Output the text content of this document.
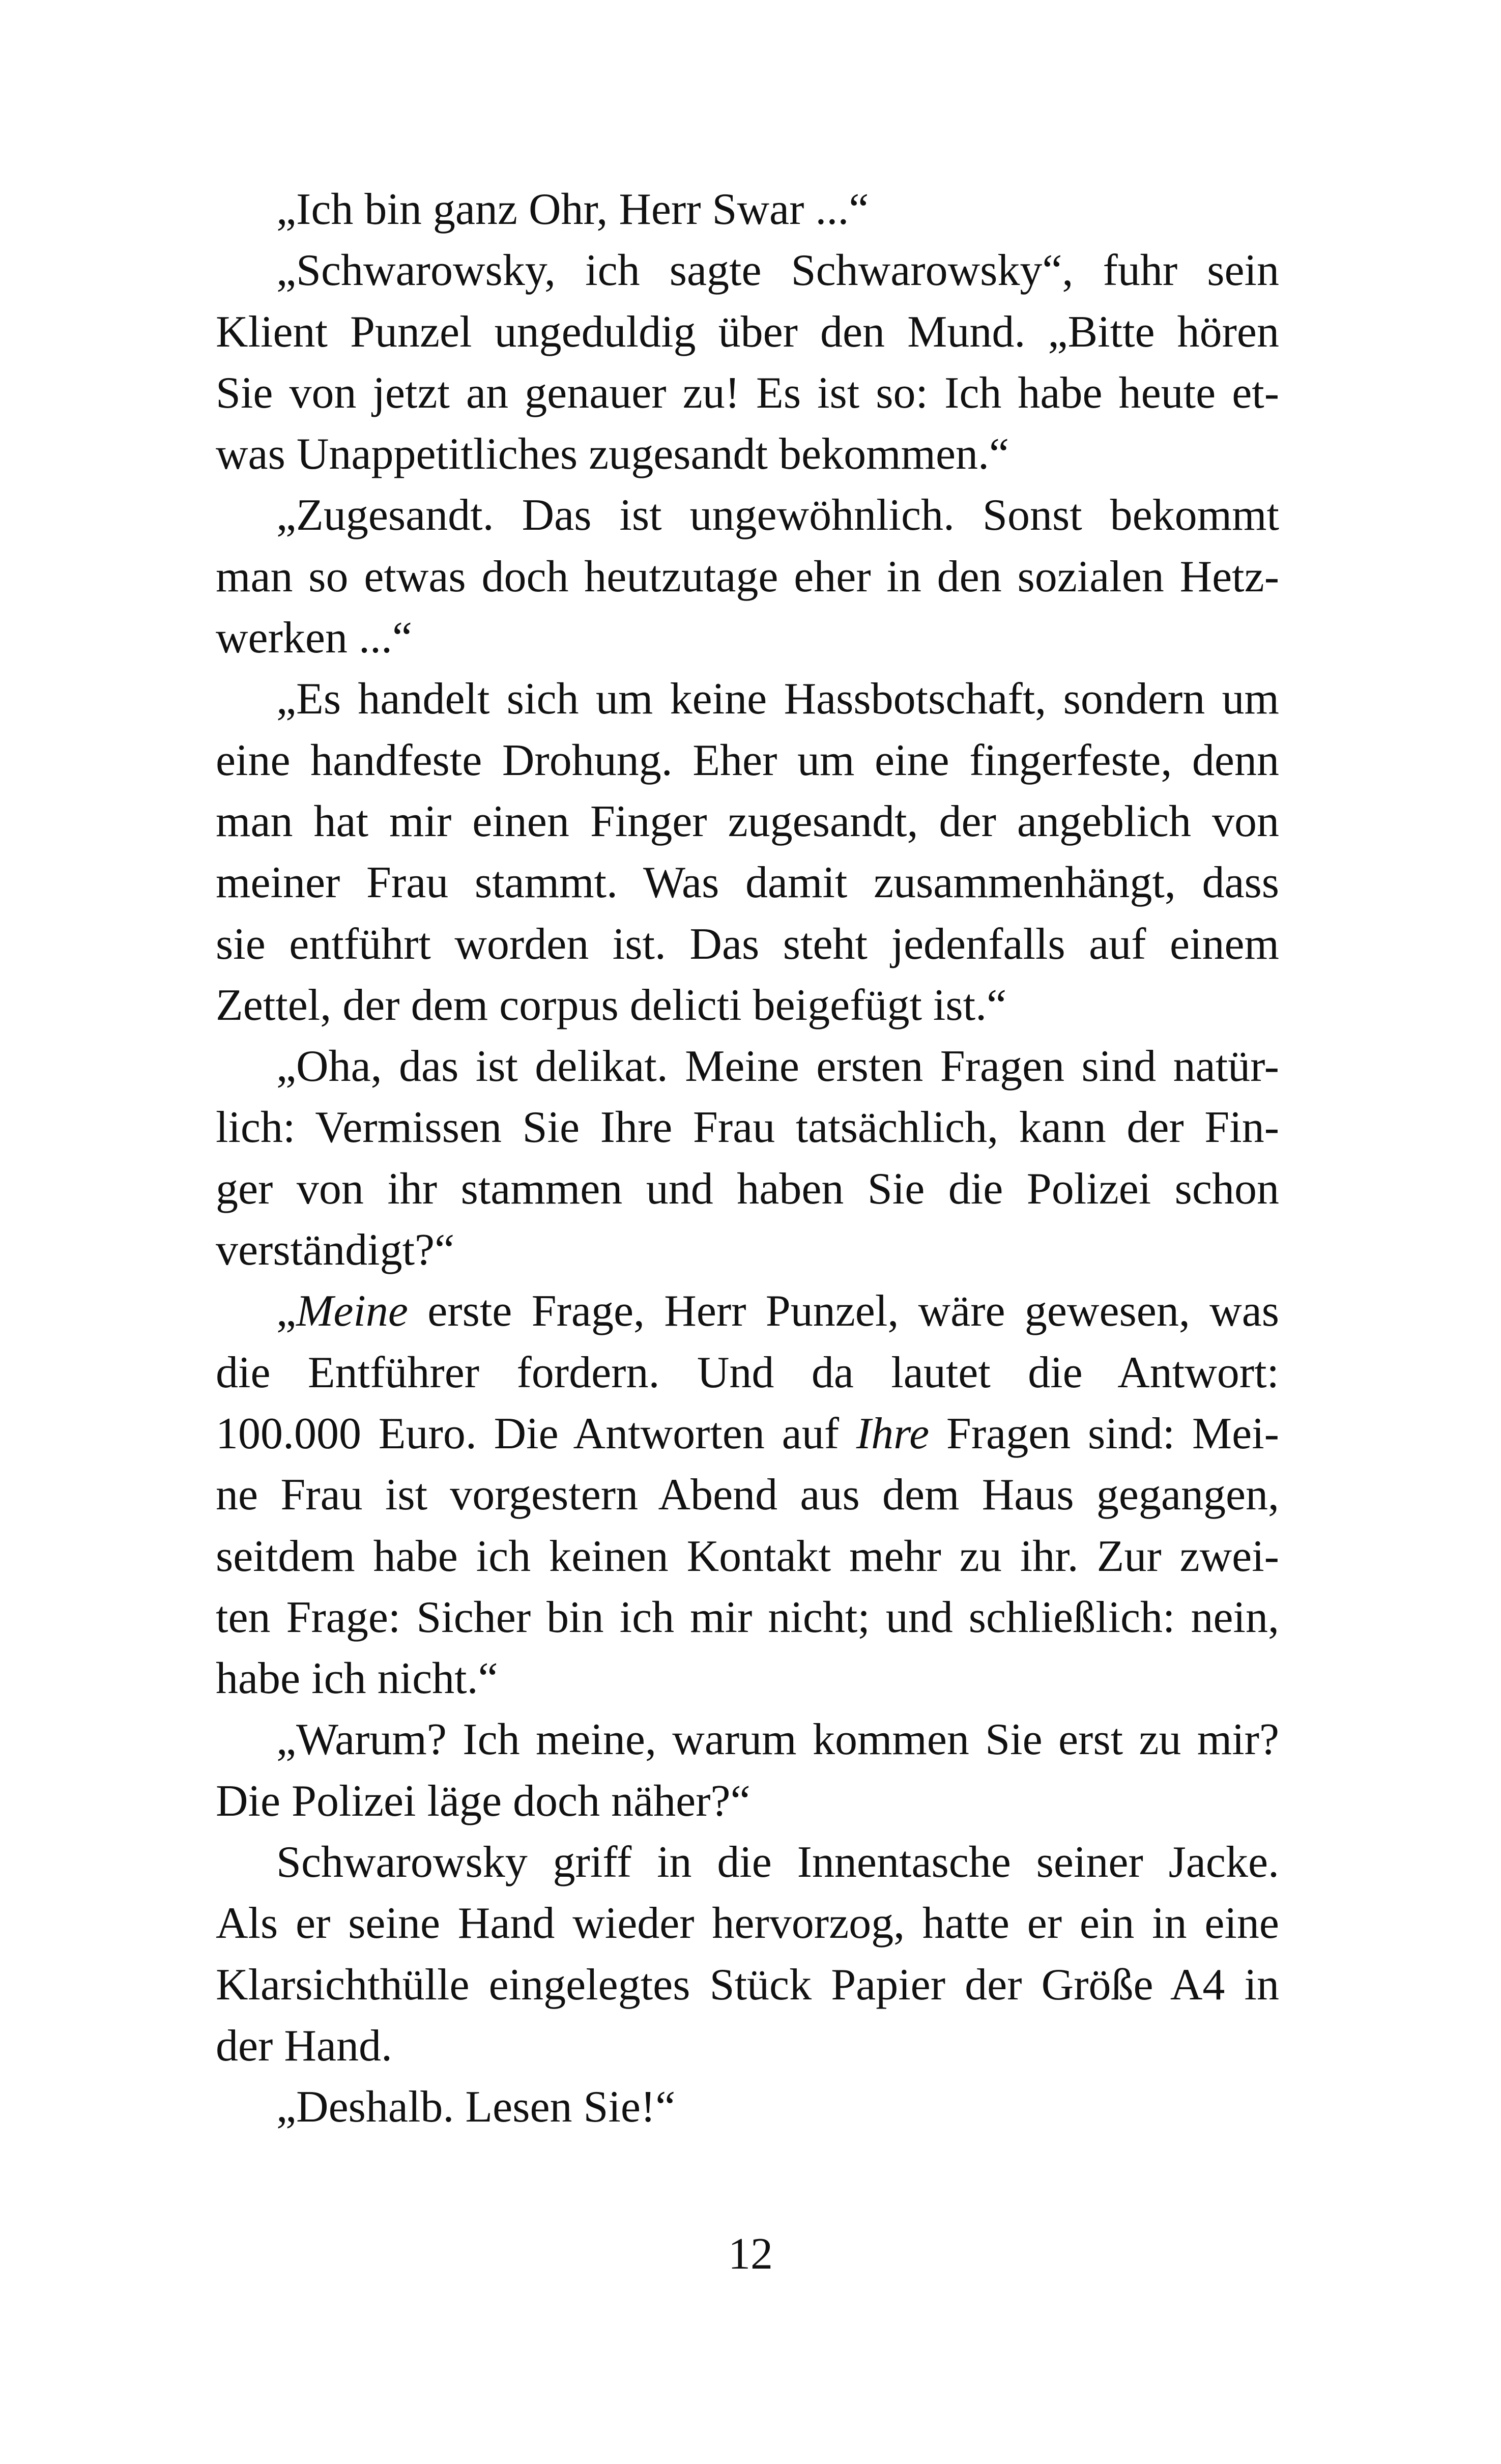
„Ich bin ganz Ohr, Herr Swar ...“
„Schwarowsky, ich sagte Schwarowsky“, fuhr sein
Klient Punzel ungeduldig über den Mund. „Bitte hören
Sie von jetzt an genauer zu! Es ist so: Ich habe heute et-
was Unappetitliches zugesandt bekommen.“
„Zugesandt. Das ist ungewöhnlich. Sonst bekommt
man so etwas doch heutzutage eher in den sozialen Hetz-
werken ...“
„Es handelt sich um keine Hassbotschaft, sondern um
eine handfeste Drohung. Eher um eine fingerfeste, denn
man hat mir einen Finger zugesandt, der angeblich von
meiner Frau stammt. Was damit zusammenhängt, dass
sie entführt worden ist. Das steht jedenfalls auf einem
Zettel, der dem corpus delicti beigefügt ist.“
„Oha, das ist delikat. Meine ersten Fragen sind natür-
lich: Vermissen Sie Ihre Frau tatsächlich, kann der Fin-
ger von ihr stammen und haben Sie die Polizei schon
verständigt?“
„Meine erste Frage, Herr Punzel, wäre gewesen, was
die Entführer fordern. Und da lautet die Antwort:
100.000 Euro. Die Antworten auf Ihre Fragen sind: Mei-
ne Frau ist vorgestern Abend aus dem Haus gegangen,
seitdem habe ich keinen Kontakt mehr zu ihr. Zur zwei-
ten Frage: Sicher bin ich mir nicht; und schließlich: nein,
habe ich nicht.“
„Warum? Ich meine, warum kommen Sie erst zu mir?
Die Polizei läge doch näher?“
Schwarowsky griff in die Innentasche seiner Jacke.
Als er seine Hand wieder hervorzog, hatte er ein in eine
Klarsichthülle eingelegtes Stück Papier der Größe A4 in
der Hand.
„Deshalb. Lesen Sie!“
12
